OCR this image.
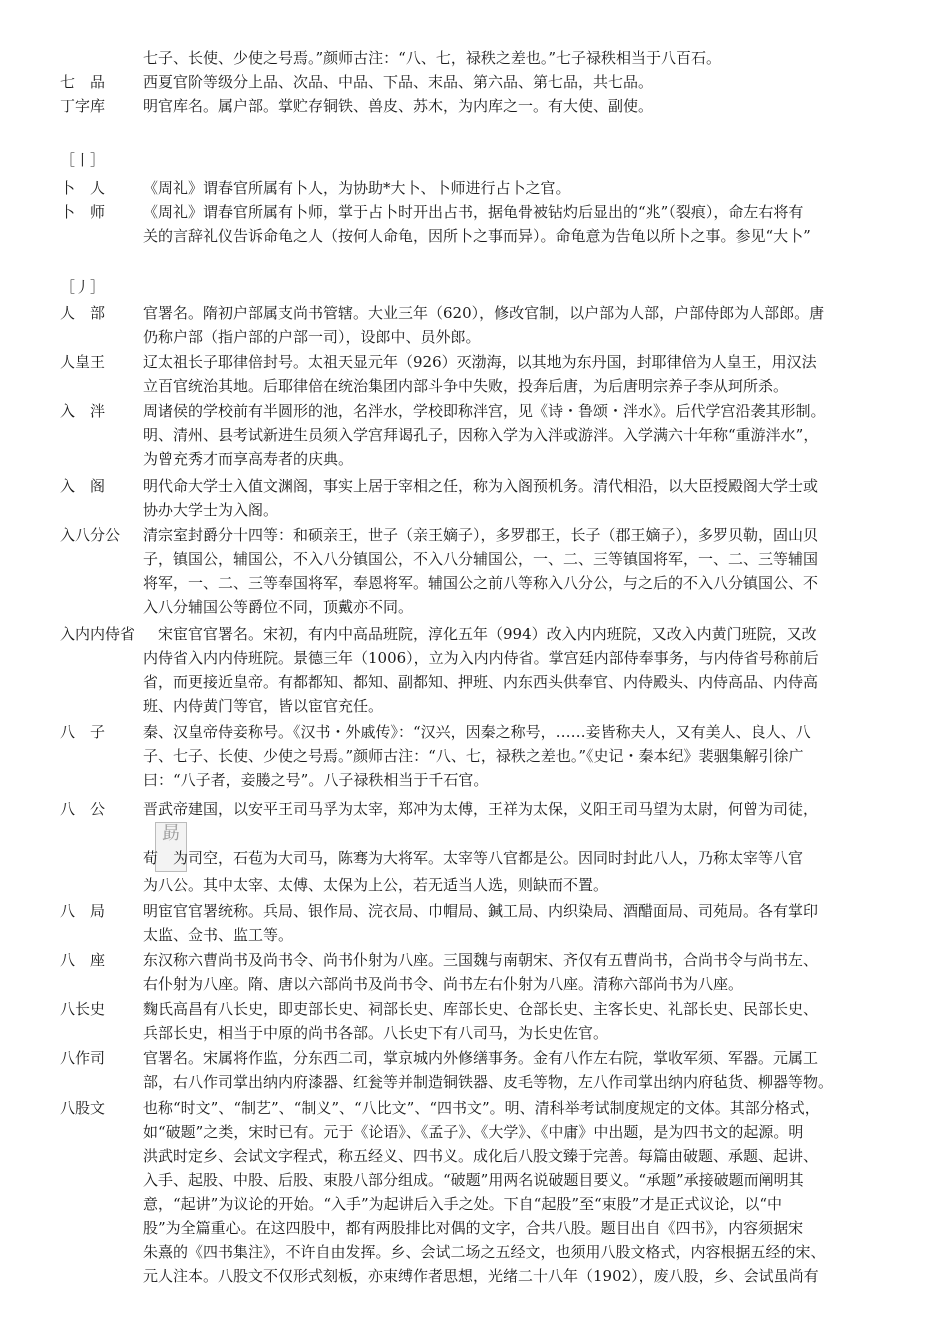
七子、长使、少使之号焉。”颜师古注：“八、七，禄秩之差也。”七子禄秩相当于八百石。
七　品	西夏官阶等级分上品、次品、中品、下品、末品、第六品、第七品，共七品。
丁字库	明官库名。属户部。掌贮存铜铁、兽皮、苏木，为内库之一。有大使、副使。
［丨］
卜　人	《周礼》谓春官所属有卜人，为协助*大卜、卜师进行占卜之官。
卜　师	《周礼》谓春官所属有卜师，掌于占卜时开出占书，据龟骨被钻灼后显出的“兆”（裂痕），命左右将有
关的言辞礼仪告诉命龟之人（按何人命龟，因所卜之事而异）。命龟意为告龟以所卜之事。参见“大卜”
［丿］
人　部	官署名。隋初户部属支尚书管辖。大业三年（620），修改官制，以户部为人部，户部侍郎为人部郎。唐
仍称户部（指户部的户部一司），设郎中、员外郎。
人皇王	辽太祖长子耶律倍封号。太祖天显元年（926）灭渤海，以其地为东丹国，封耶律倍为人皇王，用汉法
立百官统治其地。后耶律倍在统治集团内部斗争中失败，投奔后唐，为后唐明宗养子李从珂所杀。
入　泮	周诸侯的学校前有半圆形的池，名泮水，学校即称泮宫，见《诗・鲁颂・泮水》。后代学宫沿袭其形制。
明、清州、县考试新进生员须入学宫拜谒孔子，因称入学为入泮或游泮。入学满六十年称“重游泮水”，
为曾充秀才而享高寿者的庆典。
入　阁	明代命大学士入值文渊阁，事实上居于宰相之任，称为入阁预机务。清代相沿，以大臣授殿阁大学士或
协办大学士为入阁。
入八分公 清宗室封爵分十四等：和硕亲王，世子（亲王嫡子），多罗郡王，长子（郡王嫡子），多罗贝勒，固山贝
子，镇国公，辅国公，不入八分镇国公，不入八分辅国公，一、二、三等镇国将军，一、二、三等辅国
将军，一、二、三等奉国将军，奉恩将军。辅国公之前八等称入八分公，与之后的不入八分镇国公、不
入八分辅国公等爵位不同，顶戴亦不同。
入内内侍省 宋宦官官署名。宋初，有内中高品班院，淳化五年（994）改入内内班院，又改入内黄门班院，又改
内侍省入内内侍班院。景德三年（1006），立为入内内侍省。掌宫廷内部侍奉事务，与内侍省号称前后
省，而更接近皇帝。有都都知、都知、副都知、押班、内东西头供奉官、内侍殿头、内侍高品、内侍高
班、内侍黄门等官，皆以宦官充任。
八　子	秦、汉皇帝侍妾称号。《汉书・外戚传》：“汉兴，因秦之称号，……妾皆称夫人，又有美人、良人、八
子、七子、长使、少使之号焉。”颜师古注：“八、七，禄秩之差也。”《史记・秦本纪》裴骃集解引徐广
曰：“八子者，妾媵之号”。八子禄秩相当于千石官。
八　公	晋武帝建国，以安平王司马孚为太宰，郑冲为太傅，王祥为太保，义阳王司马望为太尉，何曾为司徒，
勗
荀　为司空，石苞为大司马，陈骞为大将军。太宰等八官都是公。因同时封此八人，乃称太宰等八官
为八公。其中太宰、太傅、太保为上公，若无适当人选，则缺而不置。
八　局	明宦官官署统称。兵局、银作局、浣衣局、巾帽局、鍼工局、内织染局、酒醋面局、司苑局。各有掌印
太监、佥书、监工等。
八　座	东汉称六曹尚书及尚书令、尚书仆射为八座。三国魏与南朝宋、齐仅有五曹尚书，合尚书令与尚书左、
右仆射为八座。隋、唐以六部尚书及尚书令、尚书左右仆射为八座。清称六部尚书为八座。
八长史	麴氏高昌有八长史，即吏部长史、祠部长史、库部长史、仓部长史、主客长史、礼部长史、民部长史、
兵部长史，相当于中原的尚书各部。八长史下有八司马，为长史佐官。
八作司	官署名。宋属将作监，分东西二司，掌京城内外修缮事务。金有八作左右院，掌收军须、军器。元属工
部，右八作司掌出纳内府漆器、红瓮等并制造铜铁器、皮毛等物，左八作司掌出纳内府毡货、柳器等物。
八股文	也称“时文”、“制艺”、“制义”、“八比文”、“四书文”。明、清科举考试制度规定的文体。其部分格式，
如“破题”之类，宋时已有。元于《论语》、《孟子》、《大学》、《中庸》中出题，是为四书文的起源。明
洪武时定乡、会试文字程式，称五经义、四书义。成化后八股文臻于完善。每篇由破题、承题、起讲、
入手、起股、中股、后股、束股八部分组成。“破题”用两名说破题目要义。“承题”承接破题而阐明其
意，“起讲”为议论的开始。“入手”为起讲后入手之处。下自“起股”至“束股”才是正式议论，以“中
股”为全篇重心。在这四股中，都有两股排比对偶的文字，合共八股。题目出自《四书》，内容须据宋
朱熹的《四书集注》，不许自由发挥。乡、会试二场之五经文，也须用八股文格式，内容根据五经的宋、
元人注本。八股文不仅形式刻板，亦束缚作者思想，光绪二十八年（1902），废八股，乡、会试虽尚有
